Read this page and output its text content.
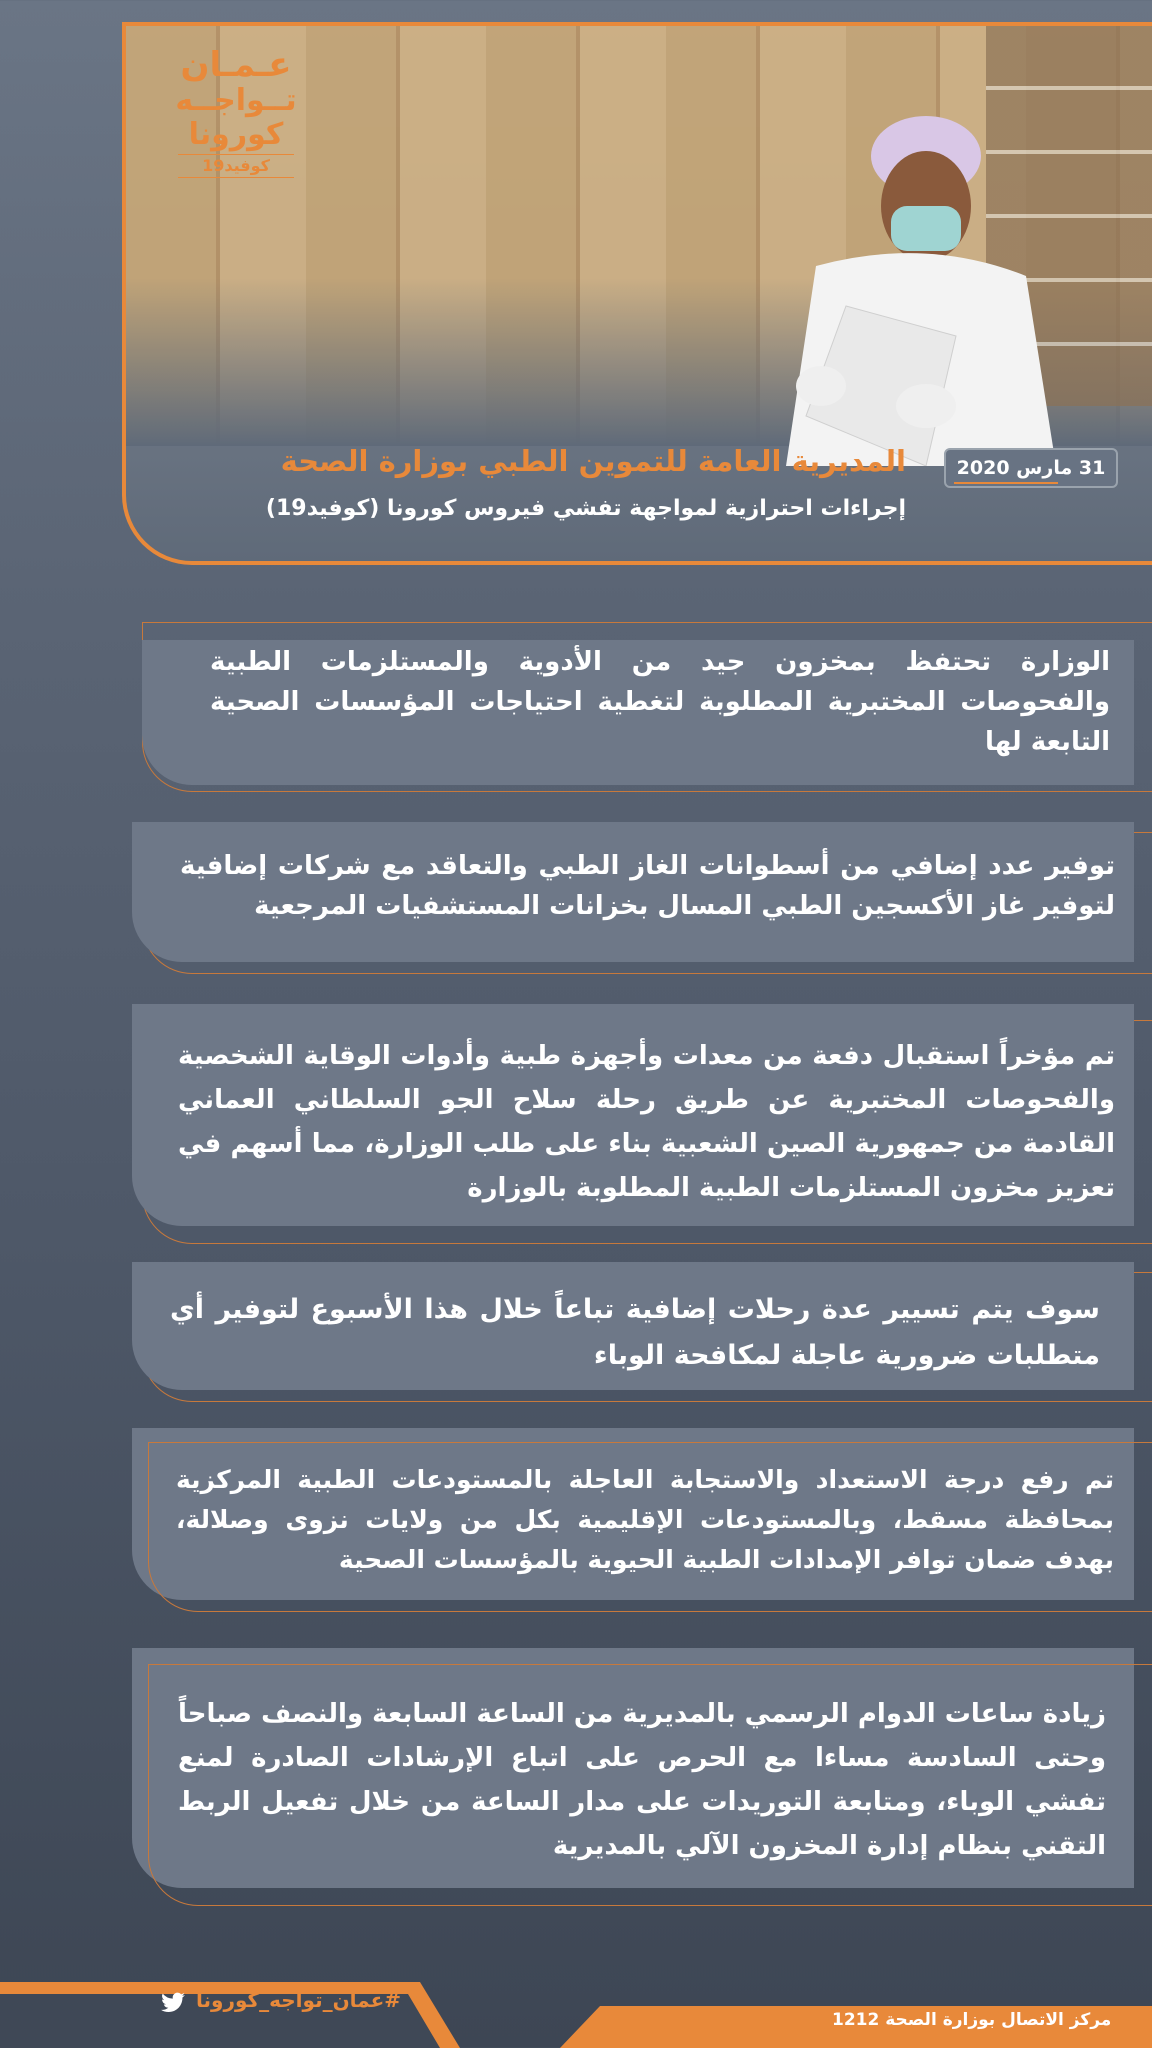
عـمـان
تــواجــه
كورونا
كوفيد19
المديرية العامة للتموين الطبي بوزارة الصحة
إجراءات احترازية لمواجهة تفشي فيروس كورونا (كوفيد19)
31 مارس 2020
الوزارة تحتفظ بمخزون جيد من الأدوية والمستلزمات الطبية والفحوصات المختبرية المطلوبة لتغطية احتياجات المؤسسات الصحية التابعة لها
توفير عدد إضافي من أسطوانات الغاز الطبي والتعاقد مع شركات إضافية لتوفير غاز الأكسجين الطبي المسال بخزانات المستشفيات المرجعية
تم مؤخراً استقبال دفعة من معدات وأجهزة طبية وأدوات الوقاية الشخصية والفحوصات المختبرية عن طريق رحلة سلاح الجو السلطاني العماني القادمة من جمهورية الصين الشعبية بناء على طلب الوزارة، مما أسهم في تعزيز مخزون المستلزمات الطبية المطلوبة بالوزارة
سوف يتم تسيير عدة رحلات إضافية تباعاً خلال هذا الأسبوع لتوفير أي متطلبات ضرورية عاجلة لمكافحة الوباء
تم رفع درجة الاستعداد والاستجابة العاجلة بالمستودعات الطبية المركزية بمحافظة مسقط، وبالمستودعات الإقليمية بكل من ولايات نزوى وصلالة، بهدف ضمان توافر الإمدادات الطبية الحيوية بالمؤسسات الصحية
زيادة ساعات الدوام الرسمي بالمديرية من الساعة السابعة والنصف صباحاً وحتى السادسة مساءا مع الحرص على اتباع الإرشادات الصادرة لمنع تفشي الوباء، ومتابعة التوريدات على مدار الساعة من خلال تفعيل الربط التقني بنظام إدارة المخزون الآلي بالمديرية
#عمان_تواجه_كورونا
مركز الاتصال بوزارة الصحة 1212
